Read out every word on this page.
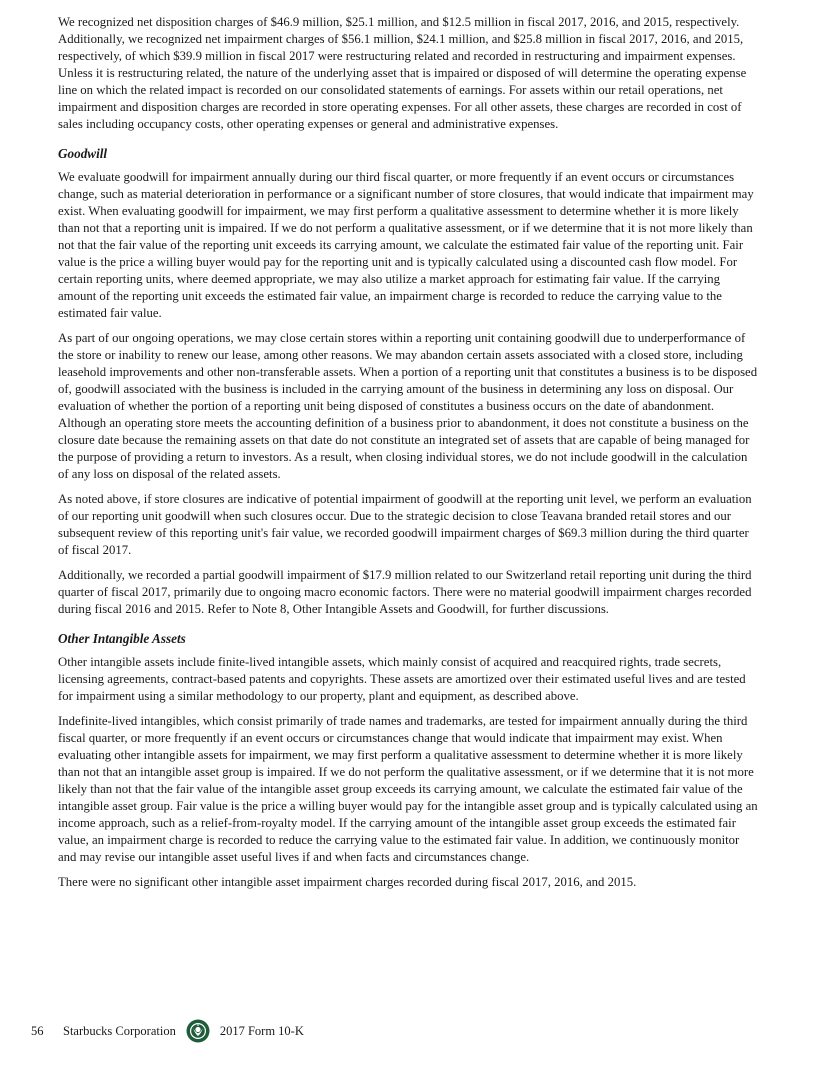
We recognized net disposition charges of $46.9 million, $25.1 million, and $12.5 million in fiscal 2017, 2016, and 2015, respectively. Additionally, we recognized net impairment charges of $56.1 million, $24.1 million, and $25.8 million in fiscal 2017, 2016, and 2015, respectively, of which $39.9 million in fiscal 2017 were restructuring related and recorded in restructuring and impairment expenses. Unless it is restructuring related, the nature of the underlying asset that is impaired or disposed of will determine the operating expense line on which the related impact is recorded on our consolidated statements of earnings. For assets within our retail operations, net impairment and disposition charges are recorded in store operating expenses. For all other assets, these charges are recorded in cost of sales including occupancy costs, other operating expenses or general and administrative expenses.

Goodwill

We evaluate goodwill for impairment annually during our third fiscal quarter, or more frequently if an event occurs or circumstances change, such as material deterioration in performance or a significant number of store closures, that would indicate that impairment may exist. When evaluating goodwill for impairment, we may first perform a qualitative assessment to determine whether it is more likely than not that a reporting unit is impaired. If we do not perform a qualitative assessment, or if we determine that it is not more likely than not that the fair value of the reporting unit exceeds its carrying amount, we calculate the estimated fair value of the reporting unit. Fair value is the price a willing buyer would pay for the reporting unit and is typically calculated using a discounted cash flow model. For certain reporting units, where deemed appropriate, we may also utilize a market approach for estimating fair value. If the carrying amount of the reporting unit exceeds the estimated fair value, an impairment charge is recorded to reduce the carrying value to the estimated fair value.

As part of our ongoing operations, we may close certain stores within a reporting unit containing goodwill due to underperformance of the store or inability to renew our lease, among other reasons. We may abandon certain assets associated with a closed store, including leasehold improvements and other non-transferable assets. When a portion of a reporting unit that constitutes a business is to be disposed of, goodwill associated with the business is included in the carrying amount of the business in determining any loss on disposal. Our evaluation of whether the portion of a reporting unit being disposed of constitutes a business occurs on the date of abandonment. Although an operating store meets the accounting definition of a business prior to abandonment, it does not constitute a business on the closure date because the remaining assets on that date do not constitute an integrated set of assets that are capable of being managed for the purpose of providing a return to investors. As a result, when closing individual stores, we do not include goodwill in the calculation of any loss on disposal of the related assets.

As noted above, if store closures are indicative of potential impairment of goodwill at the reporting unit level, we perform an evaluation of our reporting unit goodwill when such closures occur. Due to the strategic decision to close Teavana branded retail stores and our subsequent review of this reporting unit's fair value, we recorded goodwill impairment charges of $69.3 million during the third quarter of fiscal 2017.

Additionally, we recorded a partial goodwill impairment of $17.9 million related to our Switzerland retail reporting unit during the third quarter of fiscal 2017, primarily due to ongoing macro economic factors. There were no material goodwill impairment charges recorded during fiscal 2016 and 2015. Refer to Note 8, Other Intangible Assets and Goodwill, for further discussions.

Other Intangible Assets

Other intangible assets include finite-lived intangible assets, which mainly consist of acquired and reacquired rights, trade secrets, licensing agreements, contract-based patents and copyrights. These assets are amortized over their estimated useful lives and are tested for impairment using a similar methodology to our property, plant and equipment, as described above.

Indefinite-lived intangibles, which consist primarily of trade names and trademarks, are tested for impairment annually during the third fiscal quarter, or more frequently if an event occurs or circumstances change that would indicate that impairment may exist. When evaluating other intangible assets for impairment, we may first perform a qualitative assessment to determine whether it is more likely than not that an intangible asset group is impaired. If we do not perform the qualitative assessment, or if we determine that it is not more likely than not that the fair value of the intangible asset group exceeds its carrying amount, we calculate the estimated fair value of the intangible asset group. Fair value is the price a willing buyer would pay for the intangible asset group and is typically calculated using an income approach, such as a relief-from-royalty model. If the carrying amount of the intangible asset group exceeds the estimated fair value, an impairment charge is recorded to reduce the carrying value to the estimated fair value. In addition, we continuously monitor and may revise our intangible asset useful lives if and when facts and circumstances change.

There were no significant other intangible asset impairment charges recorded during fiscal 2017, 2016, and 2015.

56	Starbucks Corporation	2017 Form 10-K
